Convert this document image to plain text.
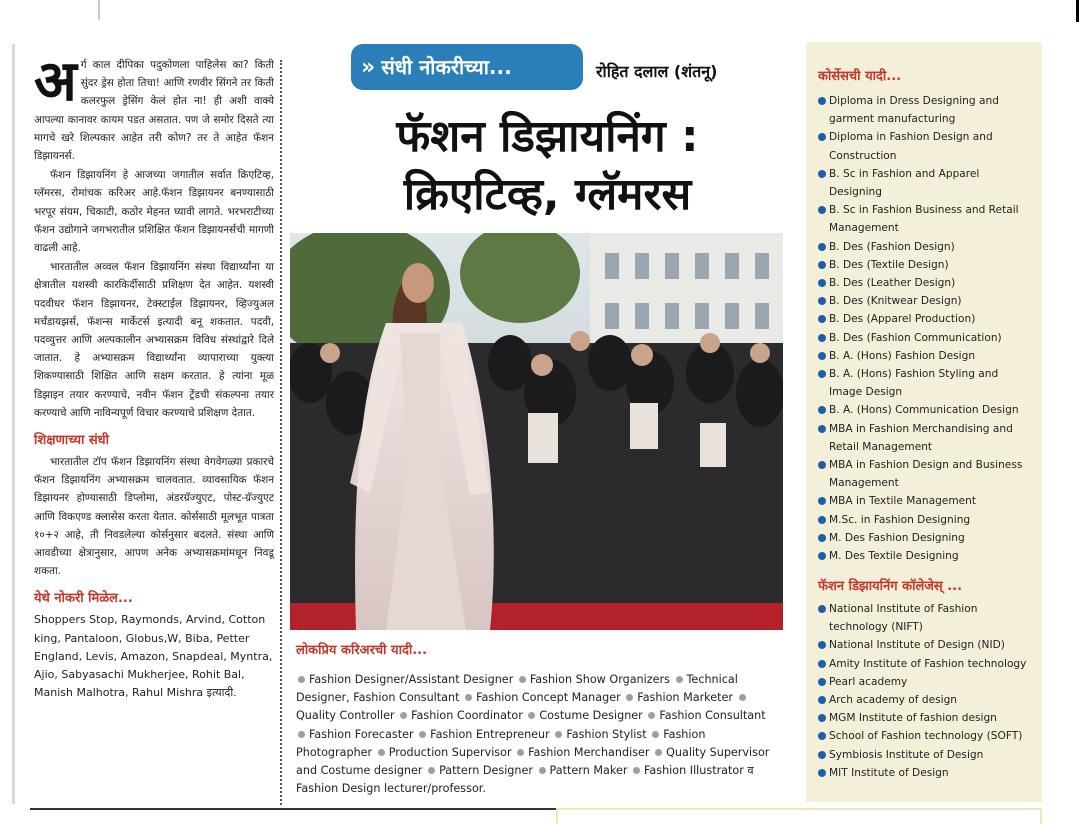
अ र्ग काल दीपिका पदुकोणला पाहिलेस का? किती सुंदर ड्रेस होता तिचा! आणि रणवीर सिंगने तर किती कलरफुल ड्रेसिंग केलं होत ना! ही अशी वाक्ये आपल्या कानावर कायम पडत असतात. पण जे समोर दिसते त्या मागचे खरे शिल्पकार आहेत तरी कोण? तर ते आहेत फॅशन डिझायनर्स.

फॅशन डिझायनिंग हे आजच्या जगातील सर्वात क्रिएटिव्ह, ग्लॅमरस, रोमांचक करिअर आहे.फॅशन डिझायनर बनण्यासाठी भरपूर संयम, चिकाटी, कठोर मेहनत घ्यावी लागते. भरभराटीच्या फॅशन उद्योगाने जगभरातील प्रशिक्षित फॅशन डिझायनर्सची मागणी वाढली आहे.

भारतातील अव्वल फॅशन डिझायनिंग संस्था विद्यार्थ्यांना या क्षेत्रातील यशस्वी कारकिर्दीसाठी प्रशिक्षण देत आहेत. यशस्वी पदवीधर फॅशन डिझायनर, टेक्स्टाईल डिझायनर, व्हिज्युअल मर्चंडायझर्स, फॅशन्स मार्केटर्स इत्यादी बनू शकतात. पदवी, पदव्युत्तर आणि अल्पकालीन अभ्यासक्रम विविध संस्थांद्वारे दिले जातात. हे अभ्यासक्रम विद्यार्थ्यांना व्यापाराच्या युक्त्या शिकण्यासाठी शिक्षित आणि सक्षम करतात. हे त्यांना मूळ डिझाइन तयार करण्याचे, नवीन फॅशन ट्रेंडची संकल्पना तयार करण्याचे आणि नाविन्यपूर्ण विचार करण्याचे प्रशिक्षण देतात.

शिक्षणाच्या संधी

भारतातील टॉप फॅशन डिझायनिंग संस्था वेगवेगळ्या प्रकारचे फॅशन डिझायनिंग अभ्यासक्रम चालवतात. व्यावसायिक फॅशन डिझायनर होण्यासाठी डिप्लोमा, अंडरग्रॅज्युएट, पोस्ट-ग्रॅज्युएट आणि विकएण्ड क्लासेस करता येतात. कोर्ससाठी मूलभूत पात्रता १०+२ आहे, ती निवडलेल्या कोर्सनुसार बदलते. संस्था आणि आवडीच्या क्षेत्रानुसार, आपण अनेक अभ्यासक्रमांमधून निवडू शकता.

येथे नोकरी मिळेल...
Shoppers Stop, Raymonds, Arvind, Cotton king, Pantaloon, Globus,W, Biba, Petter England, Levis, Amazon, Snapdeal, Myntra, Ajio, Sabyasachi Mukherjee, Rohit Bal, Manish Malhotra, Rahul Mishra इत्यादी.
» संधी नोकरीच्या...	रोहित दलाल (शंतनू)
फॅशन डिझायनिंग :
क्रिएटिव्ह, ग्लॅमरस
लोकप्रिय करिअरची यादी...
Fashion Designer/Assistant Designer Fashion Show Organizers Technical Designer, Fashion Consultant Fashion Concept Manager Fashion Marketer Quality Controller Fashion Coordinator Costume Designer Fashion Consultant Fashion Forecaster Fashion Entrepreneur Fashion Stylist Fashion Photographer Production Supervisor Fashion Merchandiser Quality Supervisor and Costume designer Pattern Designer Pattern Maker Fashion Illustrator व Fashion Design lecturer/professor.
कोर्सेसची यादी...
Diploma in Dress Designing and garment manufacturing
Diploma in Fashion Design and Construction
B. Sc in Fashion and Apparel Designing
B. Sc in Fashion Business and Retail Management
B. Des (Fashion Design)
B. Des (Textile Design)
B. Des (Leather Design)
B. Des (Knitwear Design)
B. Des (Apparel Production)
B. Des (Fashion Communication)
B. A. (Hons) Fashion Design
B. A. (Hons) Fashion Styling and Image Design
B. A. (Hons) Communication Design
MBA in Fashion Merchandising and Retail Management
MBA in Fashion Design and Business Management
MBA in Textile Management
M.Sc. in Fashion Designing
M. Des Fashion Designing
M. Des Textile Designing
फॅशन डिझायनिंग कॉलेजेस् ...
National Institute of Fashion technology (NIFT)
National Institute of Design (NID)
Amity Institute of Fashion technology
Pearl academy
Arch academy of design
MGM Institute of fashion design
School of Fashion technology (SOFT)
Symbiosis Institute of Design
MIT Institute of Design
